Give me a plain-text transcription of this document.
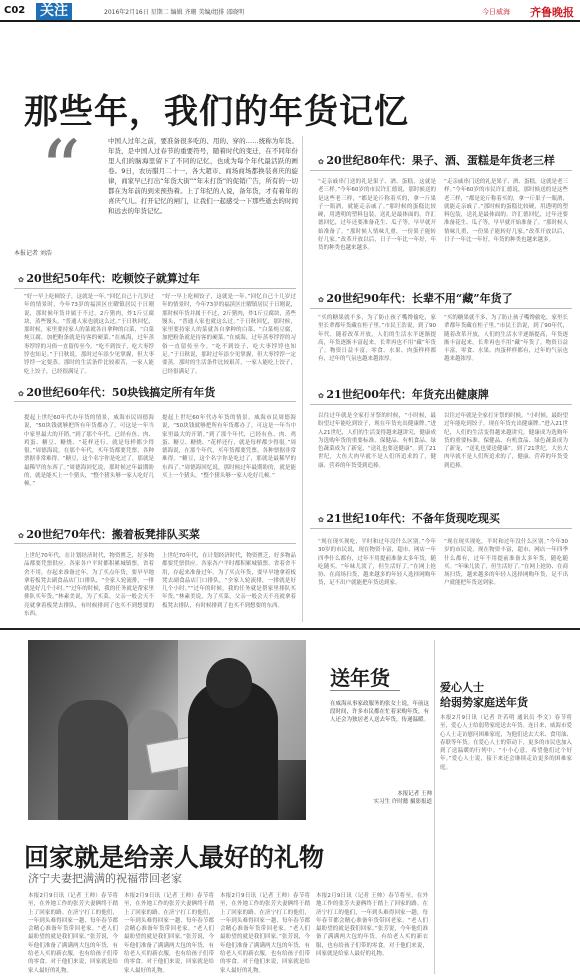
C02 关注	2016年2月16日 星期二 编辑 齐珊 美编/组排 邵晓明	今日威海 齐鲁晚报
那些年，我们的年货记忆
“	中国人过年之前，要准备很多吃的、用的、穿的……统称为年货。年货，是中国人过春节的重要符号，随着时代的变迁，在不同年份里人们的脑海里留下了不同的记忆，也成为每个年代最活跃的画卷。9日，农历腊月二十一，各大超市、商场商场都换装喜庆的旋律，商家早已打出“年货大街”“年末打货”的促销广告，所有的一切都在为年前的到来预热着。上了年纪的人说，备年货，才有着年的喜庆气儿。打开记忆的闸门，让我们一起感受一下那些逝去的时间和远去的年货记忆。
本报记者 刘浩
✿ 20世纪50年代：吃顿饺子就算过年
“好一早上吃顿饺子，这就是一年。”回忆自己十几岁过年的情景时，今年73岁的福滨区庄曜镇居民于日刚说，那时候年货并属于不过，2斤猪肉，炸1斤豆腐块，蒸些馒头，“普通人家也就这么过。”于日秋回忆，那时候，家里要持家人的菜就各自拿种的白菜，“白菜炖豆腐，加把粉条就是待客的硬菜。”在威海，过年蒸枣饽饽的习俗一直留传至今。“吃不到饺子，吃大枣饽饽也知足。”于日秋说，那时过年添少见掌握，但大枣饽饽一定要蒸。那时的生活条件比较艰苦，一家人能吃上饺子，已经很满足了。
“好一早上吃顿饺子，这就是一年。”回忆自己十几岁过年的情景时，今年73岁的福滨区庄曜镇居民于日刚说，那时候年货并属于不过，2斤猪肉，炸1斤豆腐块，蒸些馒头，“普通人家也就这么过。”于日秋回忆，那时候，家里要持家人的菜就各自拿种的白菜，“白菜炖豆腐，加把粉条就是待客的硬菜。”在威海，过年蒸枣饽饽的习俗一直留传至今。“吃不到饺子，吃大枣饽饽也知足。”于日秋说，那时过年添少见掌握，但大枣饽饽一定要蒸。那时的生活条件比较艰苦，一家人能吃上饺子，已经很满足了。
✿ 20世纪60年代：50块钱搞定所有年货
提起上世纪60年代办年货的情景，威海市民周德海说，“50块钱就够把所有年货都办了，可这是一年当中家里最大的开销。”到了那个年代，已经有鱼、肉、鸡蛋、糖豆、糖烧、“花样还行，就是每样都少得很。”周德海说，在那个年代，买年货都要凭票，各种票据非常难得。“糖豆，这个名字你是吃过了，那就是最稀罕的东西了。”周德海回忆说，那时候过年最期盼的，就是能买上一个猪头，“整个猪头够一家人吃好几顿。”
提起上世纪60年代办年货的情景，威海市民周德海说，“50块钱就够把所有年货都办了，可这是一年当中家里最大的开销。”到了那个年代，已经有鱼、肉、鸡蛋、糖豆、糖烧、“花样还行，就是每样都少得很。”周德海说，在那个年代，买年货都要凭票，各种票据非常难得。“糖豆，这个名字你是吃过了，那就是最稀罕的东西了。”周德海回忆说，那时候过年最期盼的，就是能买上一个猪头，“整个猪头够一家人吃好几顿。”
✿ 20世纪70年代：搬着板凳排队买菜
上世纪70年代，在计划经济时代，物资匮乏，好多物品都要凭票供应。各家各户平时都积累城镇票，省着舍不用，存起来准备过年。为了买点年货，要早早地拿着板凳去副食品店门口排队，“全家人轮流排，一排就是好几个小时。”“过年的时候，我的任务就是帮家里排队买年货。”林素美说，为了买菜，父亲一般会天不亮就拿着板凳去排队，有时候排到了也买不到想要的东西。
上世纪70年代，在计划经济时代，物资匮乏，好多物品都要凭票供应。各家各户平时都积累城镇票，省着舍不用，存起来准备过年。为了买点年货，要早早地拿着板凳去副食品店门口排队，“全家人轮流排，一排就是好几个小时。”“过年的时候，我的任务就是帮家里排队买年货。”林素美说，为了买菜，父亲一般会天不亮就拿着板凳去排队，有时候排到了也买不到想要的东西。
✿ 20世纪80年代：果子、酒、蛋糕是年货老三样
“走亲戚串门送的礼是果子、酒、蛋糕，这就是老三样。”今年60岁的市民许汇德说，那时候送的是这些老三样，“都是论斤称着买的，拿一斤果子一瓶酒，就能走亲戚了。”那时候的蛋糕比较硬，用透明的塑料包装，送礼是最体面的。许汇德回忆，过年还要准备花生、瓜子等，早早就开始准备了。“那时候人情味儿重，一份果子能转好几家。”改革开放以后，日子一年比一年好，年货的种类也越来越多。
“走亲戚串门送的礼是果子、酒、蛋糕，这就是老三样。”今年60岁的市民许汇德说，那时候送的是这些老三样，“都是论斤称着买的，拿一斤果子一瓶酒，就能走亲戚了。”那时候的蛋糕比较硬，用透明的塑料包装，送礼是最体面的。许汇德回忆，过年还要准备花生、瓜子等，早早就开始准备了。“那时候人情味儿重，一份果子能转好几家。”改革开放以后，日子一年比一年好，年货的种类也越来越多。
✿ 20世纪90年代：长辈不用“藏”年货了
“买的糖果就不多，为了防止孩子嘴馋偷吃，家里长辈都年货藏在柜子里。”市民王浩说，到了90年代，随着改革开放，人们的生活水平逐渐提高，年货逐渐丰富起来，长辈再也不用“藏”年货了。物资日益丰富，零食、水果、肉蛋样样都有，过年的气氛也越来越浓厚。
“买的糖果就不多，为了防止孩子嘴馋偷吃，家里长辈都年货藏在柜子里。”市民王浩说，到了90年代，随着改革开放，人们的生活水平逐渐提高，年货逐渐丰富起来，长辈再也不用“藏”年货了。物资日益丰富，零食、水果、肉蛋样样都有，过年的气氛也越来越浓厚。
✿ 21世纪00年代：年货充出健康牌
以往过年就是全家打牙祭的时候，“小时候，最盼望过年能吃到饺子，现在年货充出健康牌。”进入21世纪，人们的生活变得越来越讲究，健康成为选购年货的重要标准。保健品、有机食品、绿色蔬菜成为了新宠，“送礼也要送健康”。到了21世纪，大鱼大肉早就不是人们所追求的了，健康、营养的年货受到追捧。
以往过年就是全家打牙祭的时候，“小时候，最盼望过年能吃到饺子，现在年货充出健康牌。”进入21世纪，人们的生活变得越来越讲究，健康成为选购年货的重要标准。保健品、有机食品、绿色蔬菜成为了新宠，“送礼也要送健康”。到了21世纪，大鱼大肉早就不是人们所追求的了，健康、营养的年货受到追捧。
✿ 21世纪10年代：不备年货现吃现买
“现在现买现吃，平时和过年没什么区别。”今年30岁的市民说，现在物资丰富，超市、网店一年四季什么都有，过年不用提前准备太多年货，随吃随买。“年味儿淡了，但生活好了。”在网上抢协、在商场扫货，越来越多的年轻人选择网购年货，足不出户就能把年货送到家。
“现在现买现吃，平时和过年没什么区别。”今年30岁的市民说，现在物资丰富，超市、网店一年四季什么都有，过年不用提前准备太多年货，随吃随买。“年味儿淡了，但生活好了。”在网上抢协、在商场扫货，越来越多的年轻人选择网购年货，足不出户就能把年货送到家。
送年货
在威海从事家政服务的张女士说，年前这段时间，许多市民都在忙着采购年货，有人还会为独居老人送去年货，传递温暖。
本报记者 王帅
实习生 许时懿 摄影报道
爱心人士
给弱势家庭送年货
本报2月9日讯（记者 许若明 通讯员 李文）春节将至，爱心人士给弱势家庭送去年货。连日来，威海市爱心人士走访慰问困难家庭，为他们送去大米、食用油、春联等年货。在爱心人士的带动下，更多的市民也加入到了送温暖的行列中。“小小心意，希望他们过个好年。”爱心人士说，接下来还会继续走访更多的困难家庭。
回家就是给亲人最好的礼物
济宁夫妻把满满的祝福带回老家
本报2月9日讯（记者 王帅）春节将至，在外地工作的张芳夫妻俩终于踏上了回家的路。在济宁打工的他们，一年到头难得回家一趟，每年春节都会精心准备年货带回老家。“老人们最盼望的就是我们回家。”张芳说，今年他们准备了满满两大包的年货，有给老人买的新衣服，也有给孩子们带的零食。对于他们来说，回家就是给家人最好的礼物。
本报2月9日讯（记者 王帅）春节将至，在外地工作的张芳夫妻俩终于踏上了回家的路。在济宁打工的他们，一年到头难得回家一趟，每年春节都会精心准备年货带回老家。“老人们最盼望的就是我们回家。”张芳说，今年他们准备了满满两大包的年货，有给老人买的新衣服，也有给孩子们带的零食。对于他们来说，回家就是给家人最好的礼物。
本报2月9日讯（记者 王帅）春节将至，在外地工作的张芳夫妻俩终于踏上了回家的路。在济宁打工的他们，一年到头难得回家一趟，每年春节都会精心准备年货带回老家。“老人们最盼望的就是我们回家。”张芳说，今年他们准备了满满两大包的年货，有给老人买的新衣服，也有给孩子们带的零食。对于他们来说，回家就是给家人最好的礼物。
本报2月9日讯（记者 王帅）春节将至，在外地工作的张芳夫妻俩终于踏上了回家的路。在济宁打工的他们，一年到头难得回家一趟，每年春节都会精心准备年货带回老家。“老人们最盼望的就是我们回家。”张芳说，今年他们准备了满满两大包的年货，有给老人买的新衣服，也有给孩子们带的零食。对于他们来说，回家就是给家人最好的礼物。
